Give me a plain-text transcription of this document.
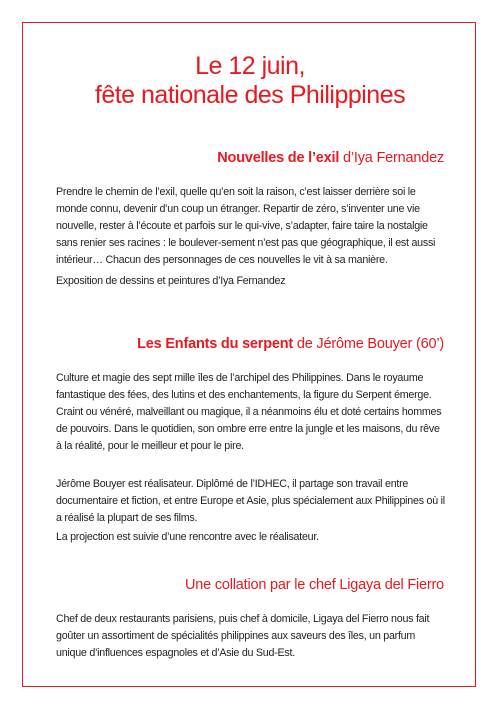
Le 12 juin,
fête nationale des Philippines
Nouvelles de l’exil d’Iya Fernandez

Prendre le chemin de l’exil, quelle qu’en soit la raison, c’est laisser derrière soi le monde connu, devenir d’un coup un étranger. Repartir de zéro, s’inventer une vie nouvelle, rester à l’écoute et parfois sur le qui-vive, s’adapter, faire taire la nostalgie sans renier ses racines : le boulever-sement n’est pas que géographique, il est aussi intérieur… Chacun des personnages de ces nouvelles le vit à sa manière.

Exposition de dessins et peintures d’Iya Fernandez

Les Enfants du serpent de Jérôme Bouyer (60’)

Culture et magie des sept mille îles de l’archipel des Philippines. Dans le royaume fantastique des fées, des lutins et des enchantements, la figure du Serpent émerge. Craint ou vénéré, malveillant ou magique, il a néanmoins élu et doté certains hommes de pouvoirs. Dans le quotidien, son ombre erre entre la jungle et les maisons, du rêve à la réalité, pour le meilleur et pour le pire.

Jérôme Bouyer est réalisateur. Diplômé de l’IDHEC, il partage son travail entre documentaire et fiction, et entre Europe et Asie, plus spécialement aux Philippines où il a réalisé la plupart de ses films.

La projection est suivie d’une rencontre avec le réalisateur.

Une collation par le chef Ligaya del Fierro

Chef de deux restaurants parisiens, puis chef à domicile, Ligaya del Fierro nous fait goûter un assortiment de spécialités philippines aux saveurs des îles, un parfum unique d’influences espagnoles et d’Asie du Sud-Est.
